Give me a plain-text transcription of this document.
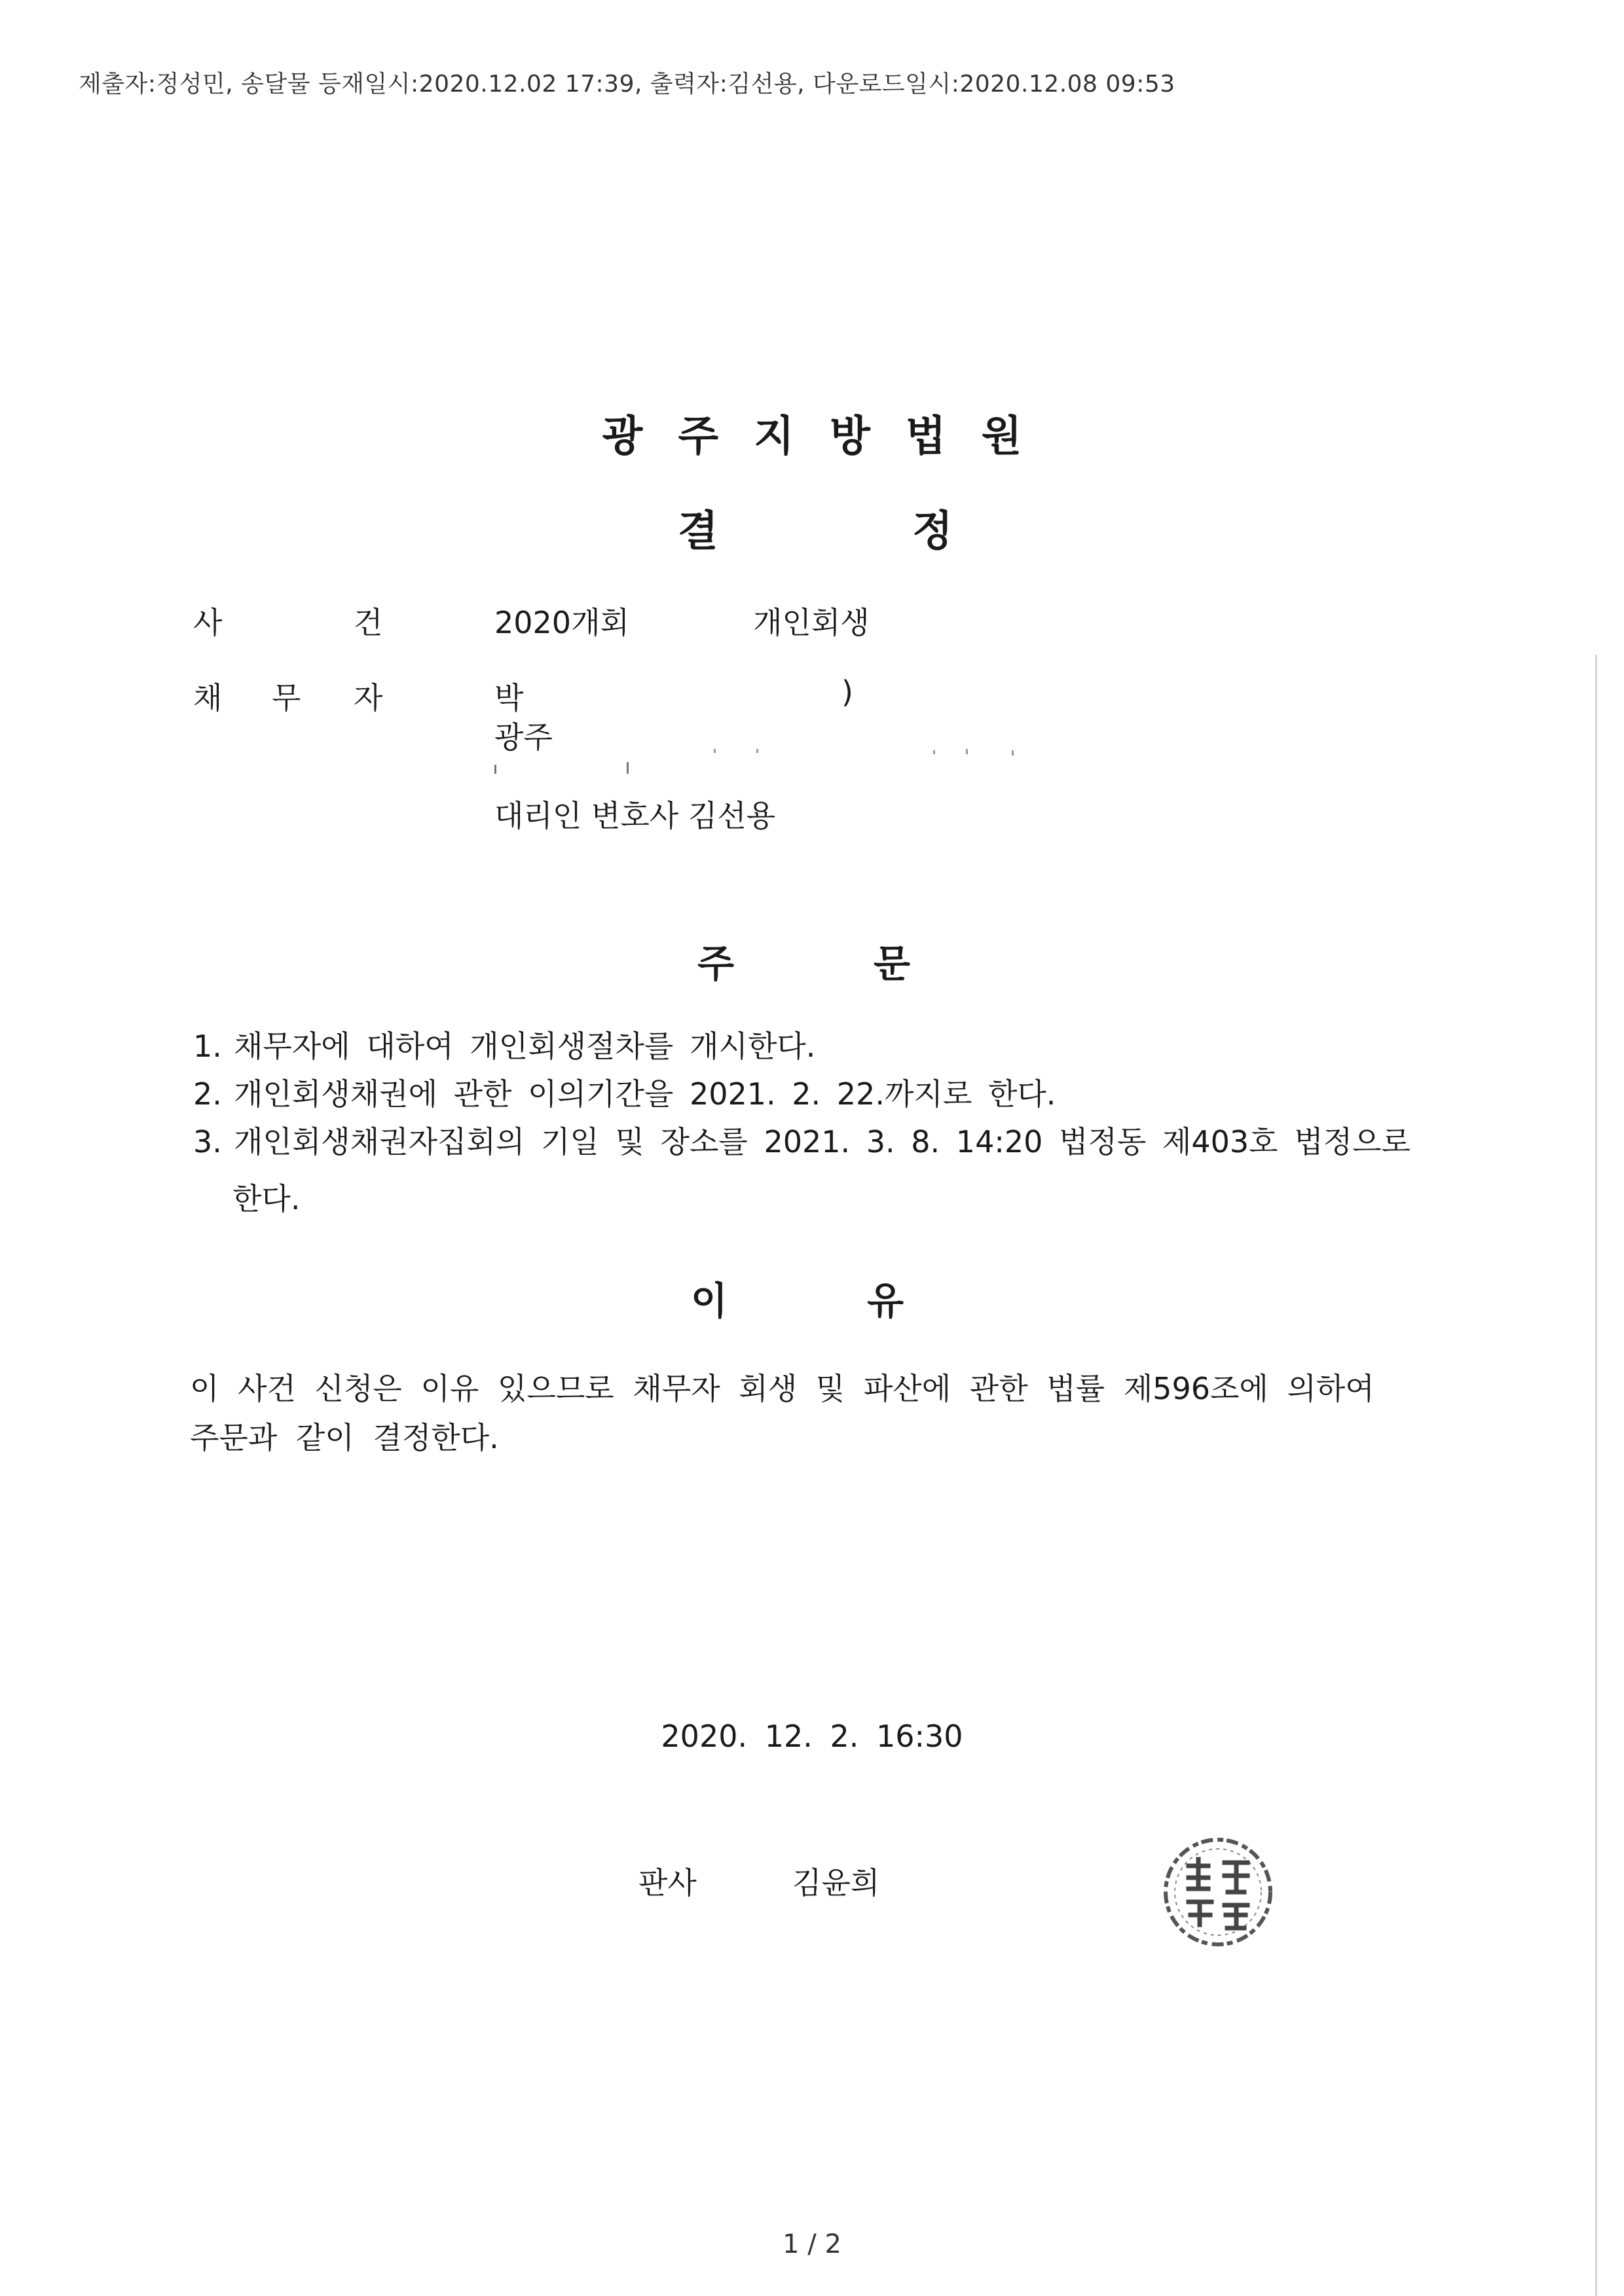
제출자:정성민, 송달물 등재일시:2020.12.02 17:39, 출력자:김선용, 다운로드일시:2020.12.08 09:53
광주지방법원
결	정
사	건	2020개회	개인회생
채 무 자	박	)
광주
대리인 변호사 김선용
주	문
1. 채무자에 대하여 개인회생절차를 개시한다.
2. 개인회생채권에 관한 이의기간을 2021. 2. 22.까지로 한다.
3. 개인회생채권자집회의 기일 및 장소를 2021. 3. 8. 14:20 법정동 제403호 법정으로
한다.
이	유
이 사건 신청은 이유 있으므로 채무자 회생 및 파산에 관한 법률 제596조에 의하여
주문과 같이 결정한다.
2020. 12. 2. 16:30
판사	김윤희
1 / 2
